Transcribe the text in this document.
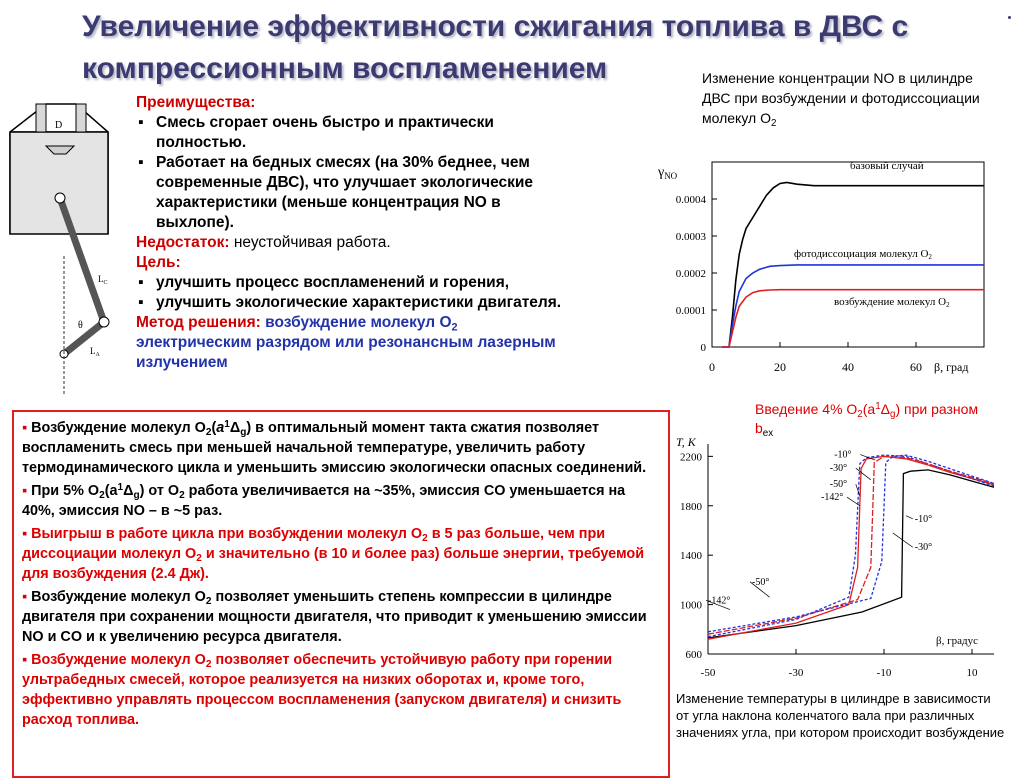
Увеличение эффективности сжигания топлива в ДВС с компрессионным воспламенением
D
$L_C$
θ
$L_A$
Преимущества:
▪ Смесь сгорает очень быстро и практически полностью.
▪ Работает на бедных смесях (на 30% беднее, чем современные ДВС), что улучшает экологические характеристики (меньше концентрация NO в выхлопе).
Недостаток: неустойчивая работа.
Цель:
▪ улучшить процесс воспламенений и горения,
▪ улучшить экологические характеристики двигателя.
Метод решения: возбуждение молекул $O_2$ электрическим разрядом или резонансным лазерным излучением

▪ Возбуждение молекул $O_2(a^1\Delta_g)$ в оптимальный момент такта сжатия позволяет воспламенить смесь при меньшей начальной температуре, увеличить работу термодинамического цикла и уменьшить эмиссию экологически опасных соединений.

▪ При 5% $O_2(a^1\Delta_g)$ от $O_2$ работа увеличивается на ~35%, эмиссия CO уменьшается на 40%, эмиссия NO – в ~5 раз.

▪ Выигрыш в работе цикла при возбуждении молекул $O_2$ в 5 раз больше, чем при диссоциации молекул $O_2$ и значительно (в 10 и более раз) больше энергии, требуемой для возбуждения (2.4 Дж).

▪ Возбуждение молекул $O_2$ позволяет уменьшить степень компрессии в цилиндре двигателя при сохранении мощности двигателя, что приводит к уменьшению эмиссии NO и CO и к увеличению ресурса двигателя.

▪ Возбуждение молекул $O_2$ позволяет обеспечить устойчивую работу при горении ультрабедных смесей, которое реализуется на низких оборотах и, кроме того, эффективно управлять процессом воспламенения (запуском двигателя) и снизить расход топлива.

Изменение концентрации NO в цилиндре ДВС при возбуждении и фотодиссоциации молекул $O_2$
0
0.0001
0.0002
0.0003
0.0004
0	20	40	60
$\gamma_{NO}$
β, град
базовый случай
фотодиссоциация молекул O2
возбуждение молекул O2
Введение 4% $O_2(a^1\Delta_g)$ при разном $b_{ex}$
600
1000
1400
1800
2200
-50	-30	-10	10
T, K
β, градус
-10°
-30°
-50°
-142°
-10°
-30°
-50°
-142°
Изменение температуры в цилиндре в зависимости от угла наклона коленчатого вала при различных значениях угла, при котором происходит возбуждение
